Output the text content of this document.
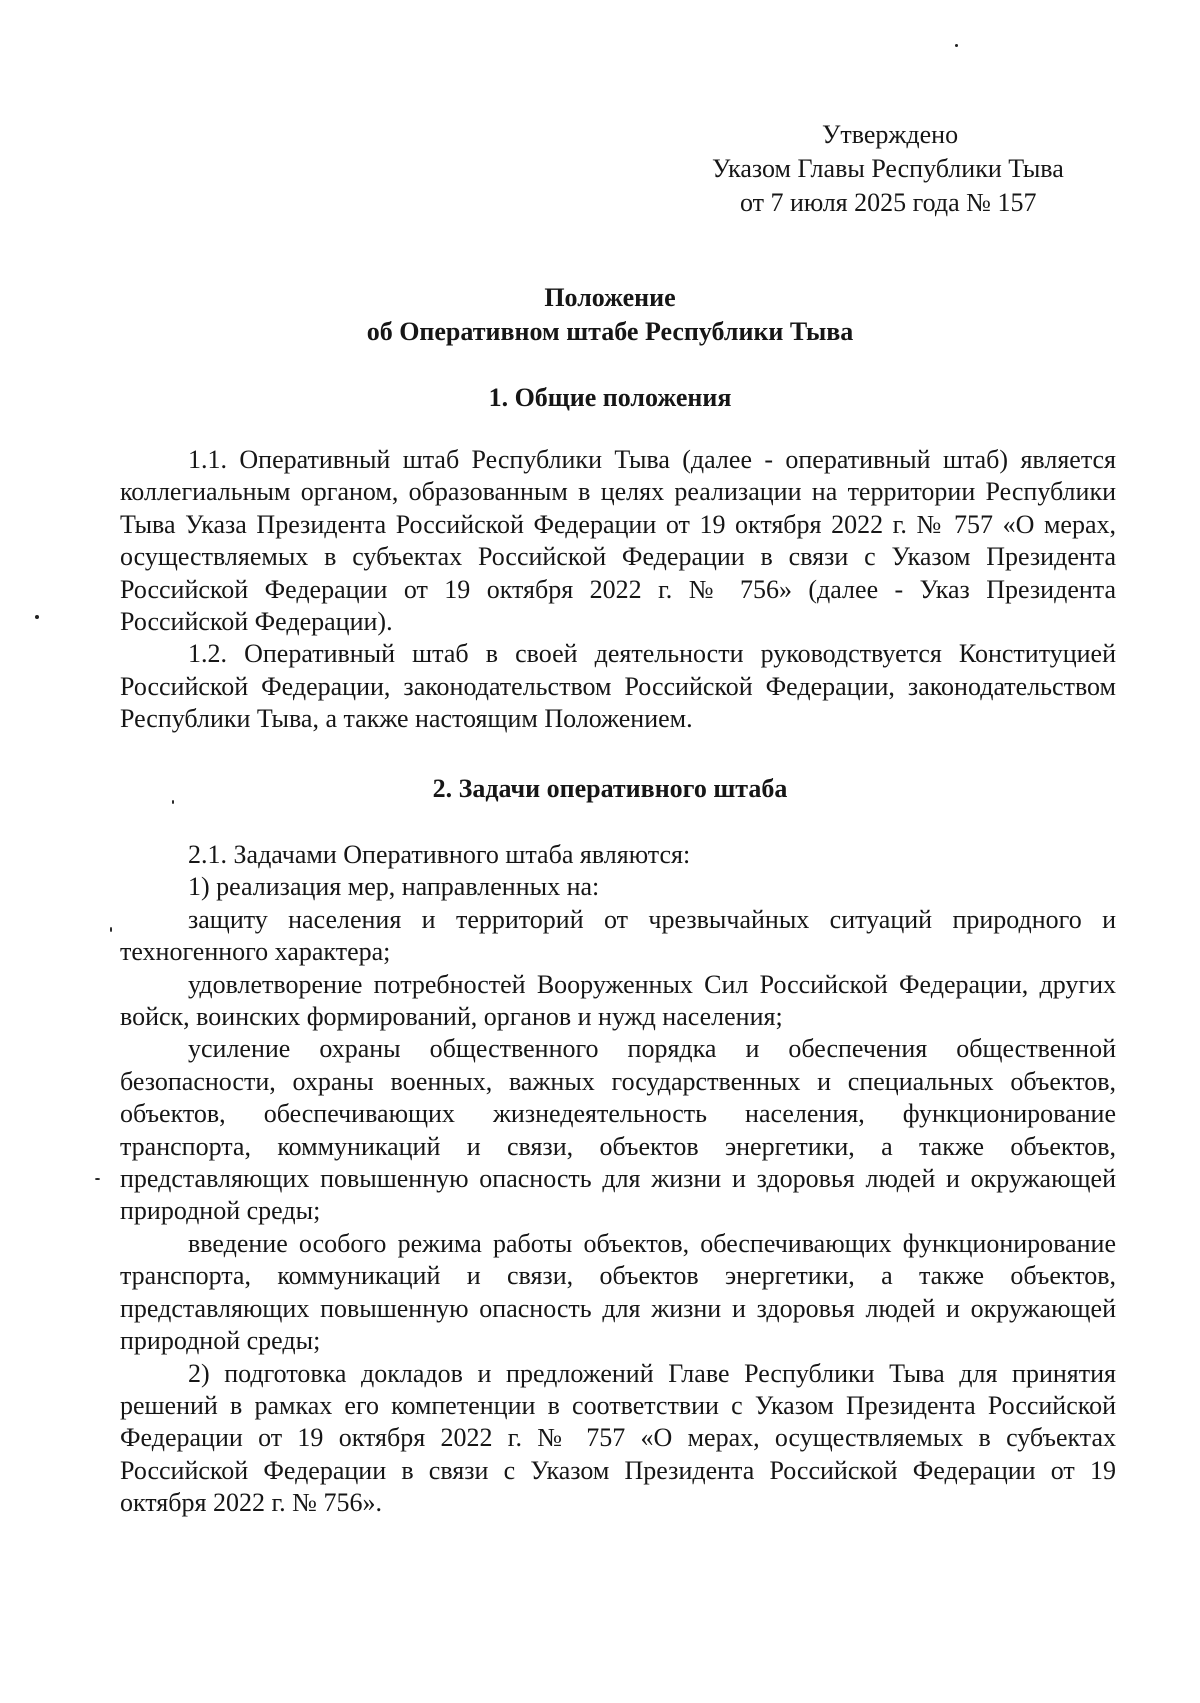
Утверждено
Указом Главы Республики Тыва
от 7 июля 2025 года № 157
Положение
об Оперативном штабе Республики Тыва
1. Общие положения

1.1. Оперативный штаб Республики Тыва (далее - оперативный штаб) является коллегиальным органом, образованным в целях реализации на территории Республики Тыва Указа Президента Российской Федерации от 19 октября 2022 г. № 757 «О мерах, осуществляемых в субъектах Российской Федерации в связи с Указом Президента Российской Федерации от 19 октября 2022 г. № 756» (далее - Указ Президента Российской Федерации).

1.2. Оперативный штаб в своей деятельности руководствуется Конституцией Российской Федерации, законодательством Российской Федерации, законодательством Республики Тыва, а также настоящим Положением.

2. Задачи оперативного штаба

2.1. Задачами Оперативного штаба являются:

1) реализация мер, направленных на:

защиту населения и территорий от чрезвычайных ситуаций природного и техногенного характера;

удовлетворение потребностей Вооруженных Сил Российской Федерации, других войск, воинских формирований, органов и нужд населения;

усиление охраны общественного порядка и обеспечения общественной безопасности, охраны военных, важных государственных и специальных объектов, объектов, обеспечивающих жизнедеятельность населения, функционирование транспорта, коммуникаций и связи, объектов энергетики, а также объектов, представляющих повышенную опасность для жизни и здоровья людей и окружающей природной среды;

введение особого режима работы объектов, обеспечивающих функционирование транспорта, коммуникаций и связи, объектов энергетики, а также объектов, представляющих повышенную опасность для жизни и здоровья людей и окружающей природной среды;

2) подготовка докладов и предложений Главе Республики Тыва для принятия решений в рамках его компетенции в соответствии с Указом Президента Российской Федерации от 19 октября 2022 г. № 757 «О мерах, осуществляемых в субъектах Российской Федерации в связи с Указом Президента Российской Федерации от 19 октября 2022 г. № 756».
